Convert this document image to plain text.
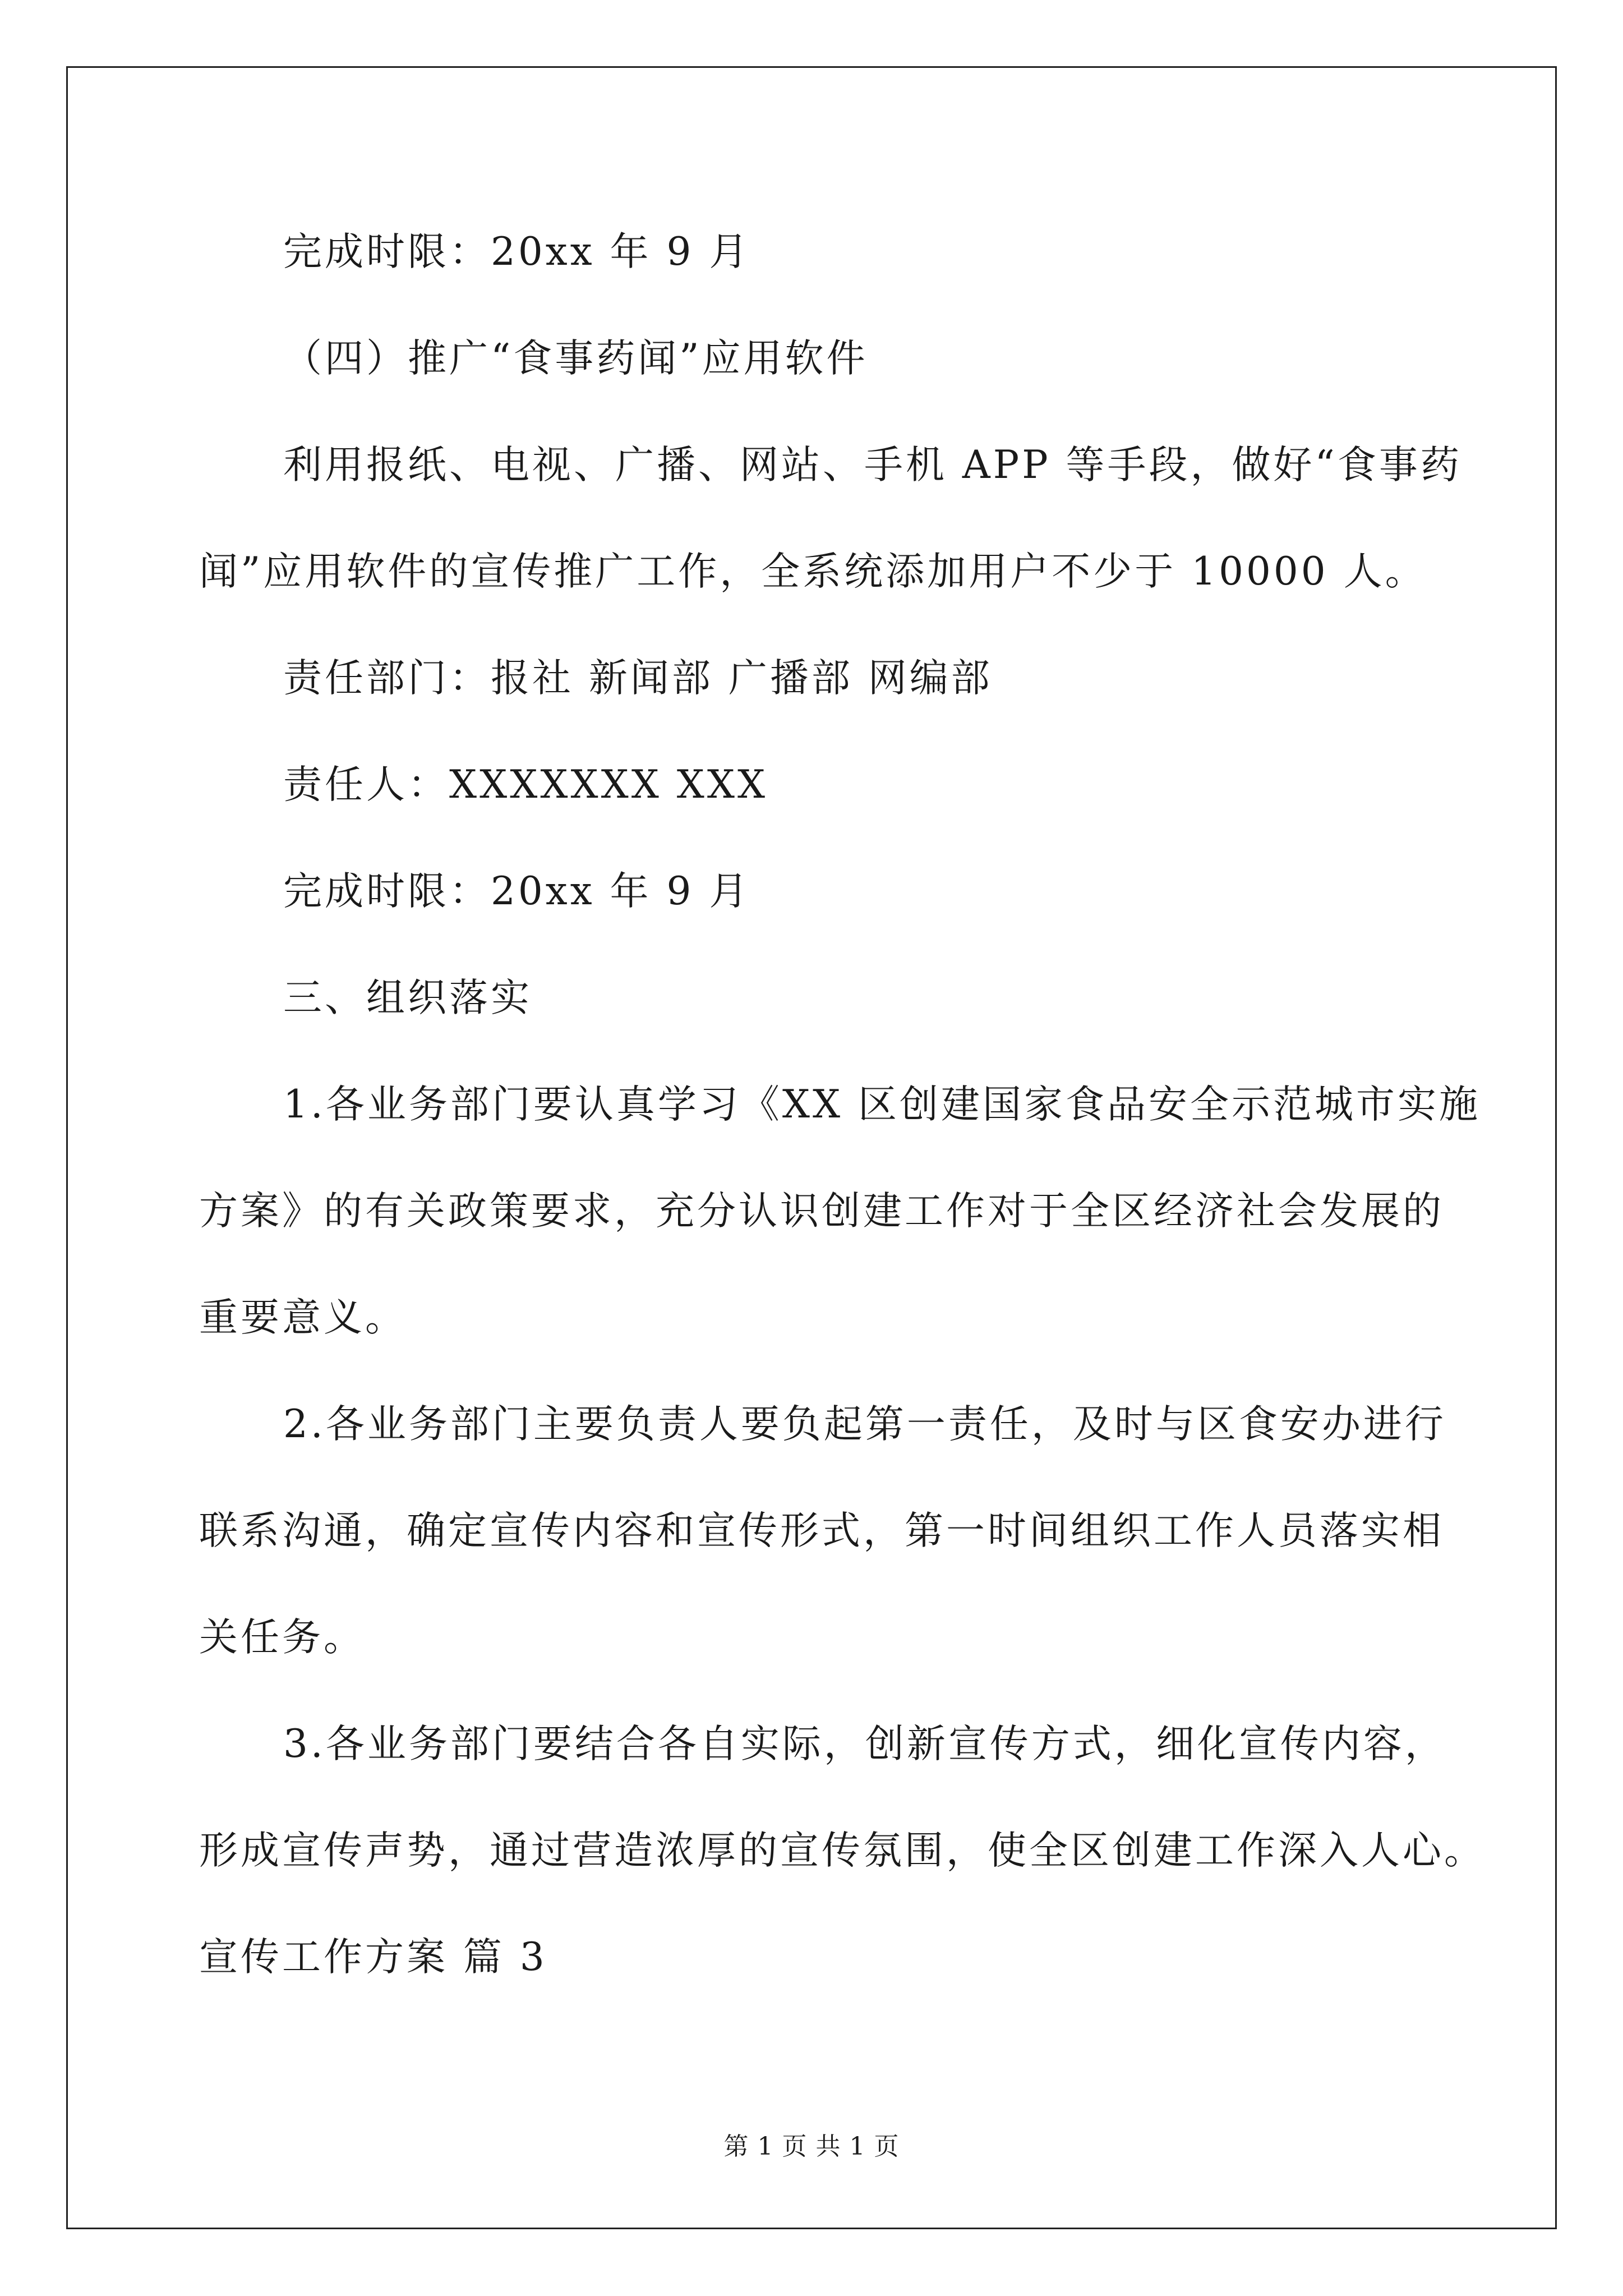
完成时限：20xx 年 9 月
（四）推广“食事药闻”应用软件
利用报纸、电视、广播、网站、手机 APP 等手段，做好“食事药
闻”应用软件的宣传推广工作，全系统添加用户不少于 10000 人。
责任部门：报社 新闻部 广播部 网编部
责任人：XXXXXXX XXX
完成时限：20xx 年 9 月
三、组织落实
1.各业务部门要认真学习《XX 区创建国家食品安全示范城市实施
方案》的有关政策要求，充分认识创建工作对于全区经济社会发展的
重要意义。
2.各业务部门主要负责人要负起第一责任，及时与区食安办进行
联系沟通，确定宣传内容和宣传形式，第一时间组织工作人员落实相
关任务。
3.各业务部门要结合各自实际，创新宣传方式，细化宣传内容，
形成宣传声势，通过营造浓厚的宣传氛围，使全区创建工作深入人心。
宣传工作方案 篇 3
第 1 页 共 1 页
